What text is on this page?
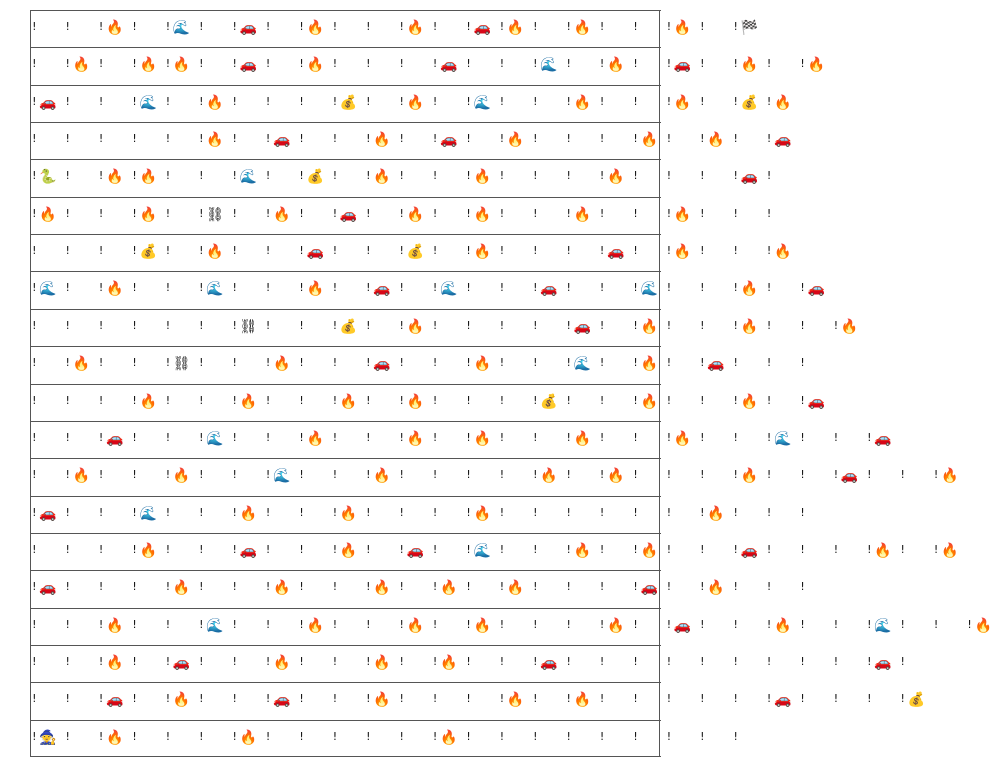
! ! ! 🔥 ! ! 🌊 ! ! 🚗 ! ! 🔥 ! ! ! 🔥 ! ! 🚗 ! 🔥 ! ! 🔥 ! ! ! 🔥 ! ! 🏁
! ! 🔥 ! ! 🔥 ! 🔥 ! ! 🚗 ! ! 🔥 ! ! ! ! 🚗 ! ! ! 🌊 ! ! 🔥 ! ! 🚗 ! ! 🔥 ! ! 🔥
! 🚗 ! ! ! 🌊 ! ! 🔥 ! ! ! ! 💰 ! ! 🔥 ! ! 🌊 ! ! ! 🔥 ! ! ! 🔥 ! ! 💰 ! 🔥
! ! ! ! ! ! 🔥 ! ! 🚗 ! ! ! 🔥 ! ! 🚗 ! ! 🔥 ! ! ! ! 🔥 ! ! 🔥 ! ! 🚗
! 🐍 ! ! 🔥 ! 🔥 ! ! ! 🌊 ! ! 💰 ! ! 🔥 ! ! ! 🔥 ! ! ! ! 🔥 ! ! ! ! 🚗 !
! 🔥 ! ! ! 🔥 ! ! ⛓ ! ! 🔥 ! ! 🚗 ! ! 🔥 ! ! 🔥 ! ! ! 🔥 ! ! ! 🔥 ! ! !
! ! ! ! 💰 ! ! 🔥 ! ! ! 🚗 ! ! ! 💰 ! ! 🔥 ! ! ! ! 🚗 ! ! 🔥 ! ! ! 🔥
! 🌊 ! ! 🔥 ! ! ! 🌊 ! ! ! 🔥 ! ! 🚗 ! ! 🌊 ! ! ! 🚗 ! ! ! 🌊 ! ! ! 🔥 ! ! 🚗
! ! ! ! ! ! ! ⛓ ! ! ! 💰 ! ! 🔥 ! ! ! ! ! 🚗 ! ! 🔥 ! ! ! 🔥 ! ! ! 🔥
! ! 🔥 ! ! ! ⛓ ! ! ! 🔥 ! ! ! 🚗 ! ! ! 🔥 ! ! ! 🌊 ! ! 🔥 ! ! 🚗 ! ! !
! ! ! ! 🔥 ! ! ! 🔥 ! ! ! 🔥 ! ! 🔥 ! ! ! ! 💰 ! ! ! 🔥 ! ! ! 🔥 ! ! 🚗
! ! ! 🚗 ! ! ! 🌊 ! ! ! 🔥 ! ! ! 🔥 ! ! 🔥 ! ! ! 🔥 ! ! ! 🔥 ! ! ! 🌊 ! ! ! 🚗
! ! 🔥 ! ! ! 🔥 ! ! ! 🌊 ! ! ! 🔥 ! ! ! ! ! 🔥 ! ! 🔥 ! ! ! ! 🔥 ! ! ! 🚗 ! ! ! 🔥
! 🚗 ! ! ! 🌊 ! ! ! 🔥 ! ! ! 🔥 ! ! ! ! 🔥 ! ! ! ! ! ! ! 🔥 ! ! !
! ! ! ! 🔥 ! ! ! 🚗 ! ! ! 🔥 ! ! 🚗 ! ! 🌊 ! ! ! 🔥 ! ! 🔥 ! ! ! 🚗 ! ! ! ! 🔥 ! ! 🔥
! 🚗 ! ! ! ! 🔥 ! ! ! 🔥 ! ! ! 🔥 ! ! 🔥 ! ! 🔥 ! ! ! ! 🚗 ! ! 🔥 ! ! !
! ! ! 🔥 ! ! ! 🌊 ! ! ! 🔥 ! ! ! 🔥 ! ! 🔥 ! ! ! ! 🔥 ! ! 🚗 ! ! ! 🔥 ! ! ! 🌊 ! ! ! 🔥
! ! ! 🔥 ! ! 🚗 ! ! ! 🔥 ! ! ! 🔥 ! ! 🔥 ! ! ! 🚗 ! ! ! ! ! ! ! ! ! ! 🚗 !
! ! ! 🚗 ! ! 🔥 ! ! ! 🚗 ! ! ! 🔥 ! ! ! ! 🔥 ! ! 🔥 ! ! ! ! ! ! 🚗 ! ! ! ! 💰
! 🧙 ! ! 🔥 ! ! ! ! 🔥 ! ! ! ! ! ! 🔥 ! ! ! ! ! ! ! ! !
